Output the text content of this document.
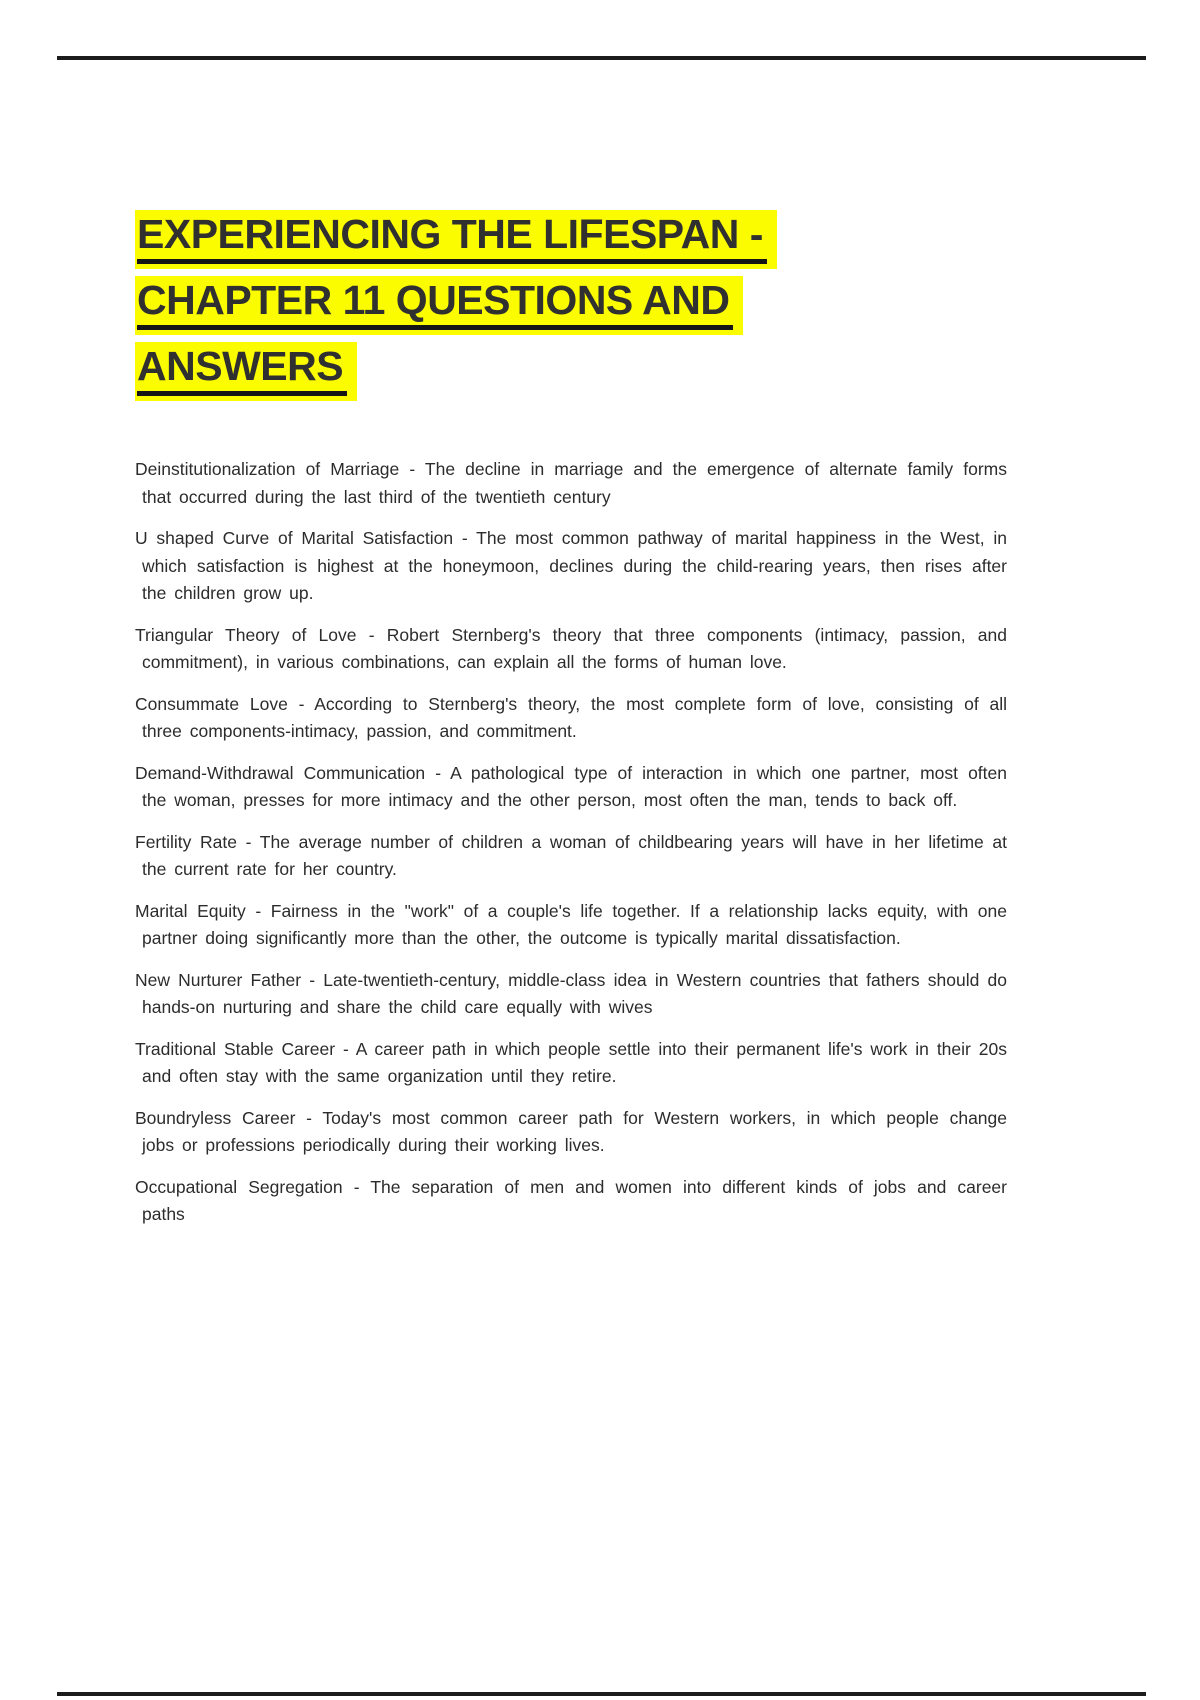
EXPERIENCING THE LIFESPAN -
CHAPTER 11 QUESTIONS AND
ANSWERS

Deinstitutionalization of Marriage - The decline in marriage and the emergence of alternate family forms that occurred during the last third of the twentieth century

U shaped Curve of Marital Satisfaction - The most common pathway of marital happiness in the West, in which satisfaction is highest at the honeymoon, declines during the child-rearing years, then rises after the children grow up.

Triangular Theory of Love - Robert Sternberg's theory that three components (intimacy, passion, and commitment), in various combinations, can explain all the forms of human love.

Consummate Love - According to Sternberg's theory, the most complete form of love, consisting of all three components-intimacy, passion, and commitment.

Demand-Withdrawal Communication - A pathological type of interaction in which one partner, most often the woman, presses for more intimacy and the other person, most often the man, tends to back off.

Fertility Rate - The average number of children a woman of childbearing years will have in her lifetime at the current rate for her country.

Marital Equity - Fairness in the "work" of a couple's life together. If a relationship lacks equity, with one partner doing significantly more than the other, the outcome is typically marital dissatisfaction.

New Nurturer Father - Late-twentieth-century, middle-class idea in Western countries that fathers should do hands-on nurturing and share the child care equally with wives

Traditional Stable Career - A career path in which people settle into their permanent life's work in their 20s and often stay with the same organization until they retire.

Boundryless Career - Today's most common career path for Western workers, in which people change jobs or professions periodically during their working lives.

Occupational Segregation - The separation of men and women into different kinds of jobs and career paths
